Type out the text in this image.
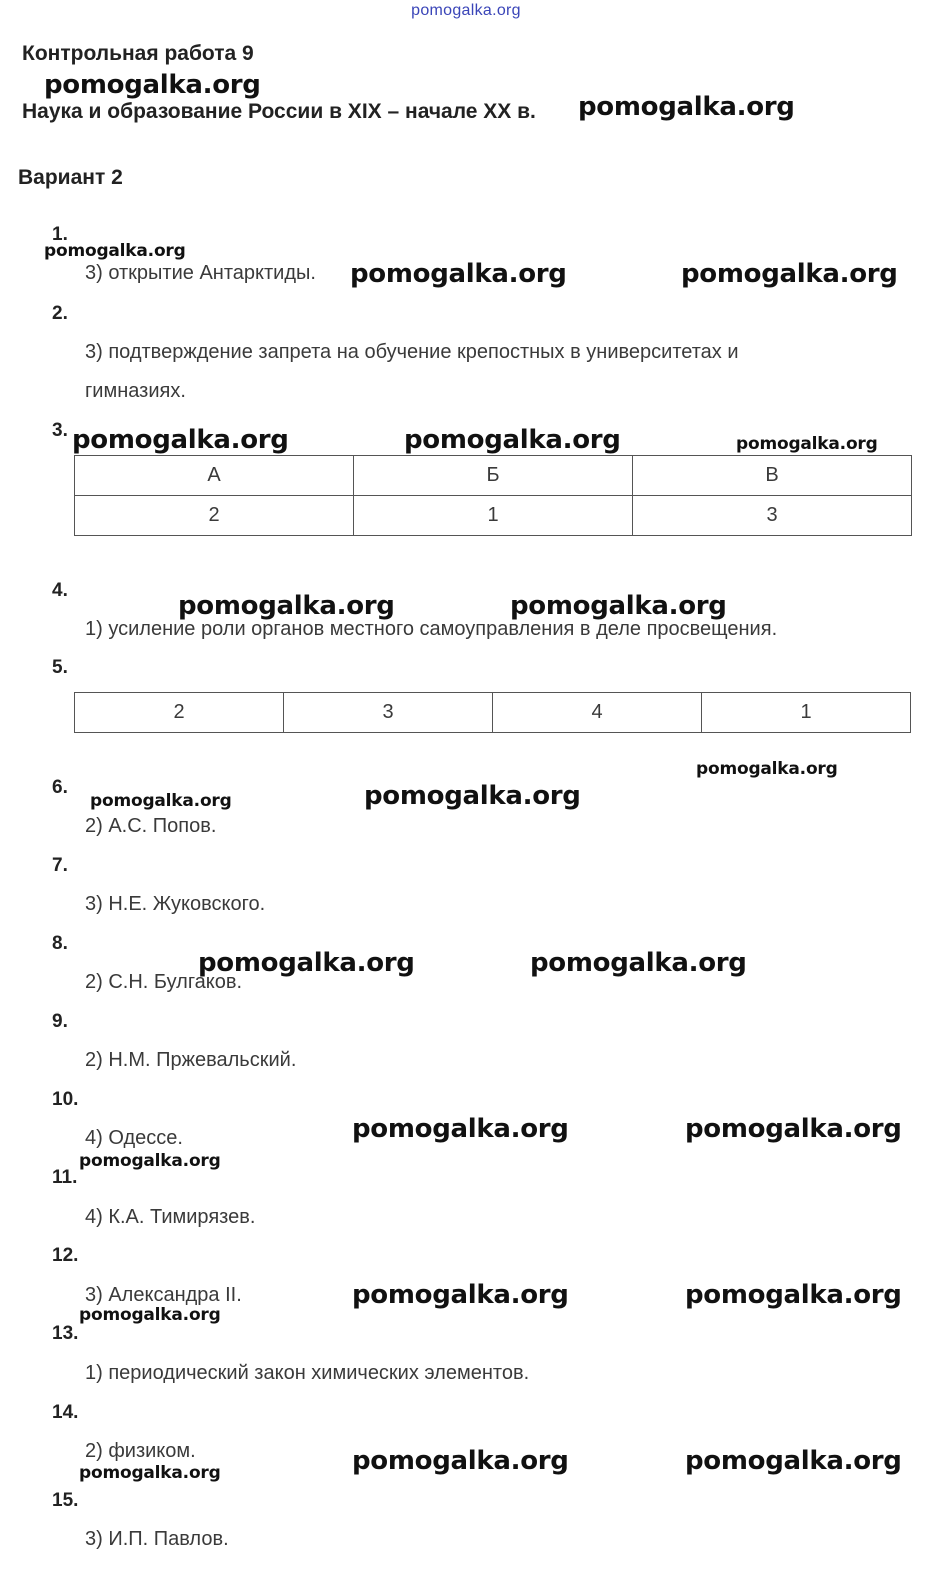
pomogalka.org
Контрольная работа 9
Наука и образование России в XIX – начале XX в.
Вариант 2
1.
3) открытие Антарктиды.
2.
3) подтверждение запрета на обучение крепостных в университетах и
гимназиях.
3.
А	Б	В
2	1	3
4.
1) усиление роли органов местного самоуправления в деле просвещения.
5.
2	3	4	1
6.
2) А.С. Попов.
7.
3) Н.Е. Жуковского.
8.
2) С.Н. Булгаков.
9.
2) Н.М. Пржевальский.
10.
4) Одессе.
11.
4) К.А. Тимирязев.
12.
3) Александра II.
13.
1) периодический закон химических элементов.
14.
2) физиком.
15.
3) И.П. Павлов.
pomogalka.org
pomogalka.org
pomogalka.org
pomogalka.org	pomogalka.org
pomogalka.org	pomogalka.org	pomogalka.org
pomogalka.org	pomogalka.org
pomogalka.org
pomogalka.org	pomogalka.org
pomogalka.org	pomogalka.org
pomogalka.org	pomogalka.org
pomogalka.org
pomogalka.org	pomogalka.org
pomogalka.org
pomogalka.org	pomogalka.org
pomogalka.org
